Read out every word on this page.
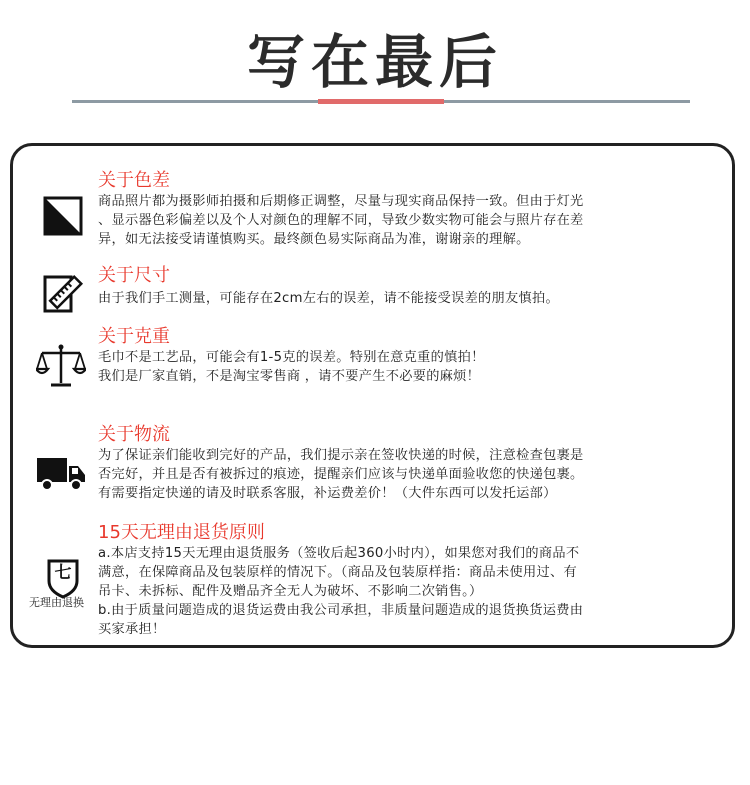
写在最后
关于色差
商品照片都为摄影师拍摄和后期修正调整，尽量与现实商品保持一致。但由于灯光
、显示器色彩偏差以及个人对颜色的理解不同，导致少数实物可能会与照片存在差
异，如无法接受请谨慎购买。最终颜色易实际商品为准，谢谢亲的理解。
关于尺寸
由于我们手工测量，可能存在2cm左右的误差，请不能接受误差的朋友慎拍。
关于克重
毛巾不是工艺品，可能会有1-5克的误差。特别在意克重的慎拍！
我们是厂家直销，不是淘宝零售商 ，请不要产生不必要的麻烦！
关于物流
为了保证亲们能收到完好的产品，我们提示亲在签收快递的时候，注意检查包裹是
否完好，并且是否有被拆过的痕迹，提醒亲们应该与快递单面验收您的快递包裹。
有需要指定快递的请及时联系客服，补运费差价！（大件东西可以发托运部）
七
无理由退换
15天无理由退货原则
a.本店支持15天无理由退货服务（签收后起360小时内），如果您对我们的商品不
满意，在保障商品及包装原样的情况下。（商品及包装原样指：商品未使用过、有
吊卡、未拆标、配件及赠品齐全无人为破坏、不影响二次销售。）
b.由于质量问题造成的退货运费由我公司承担，非质量问题造成的退货换货运费由
买家承担！
